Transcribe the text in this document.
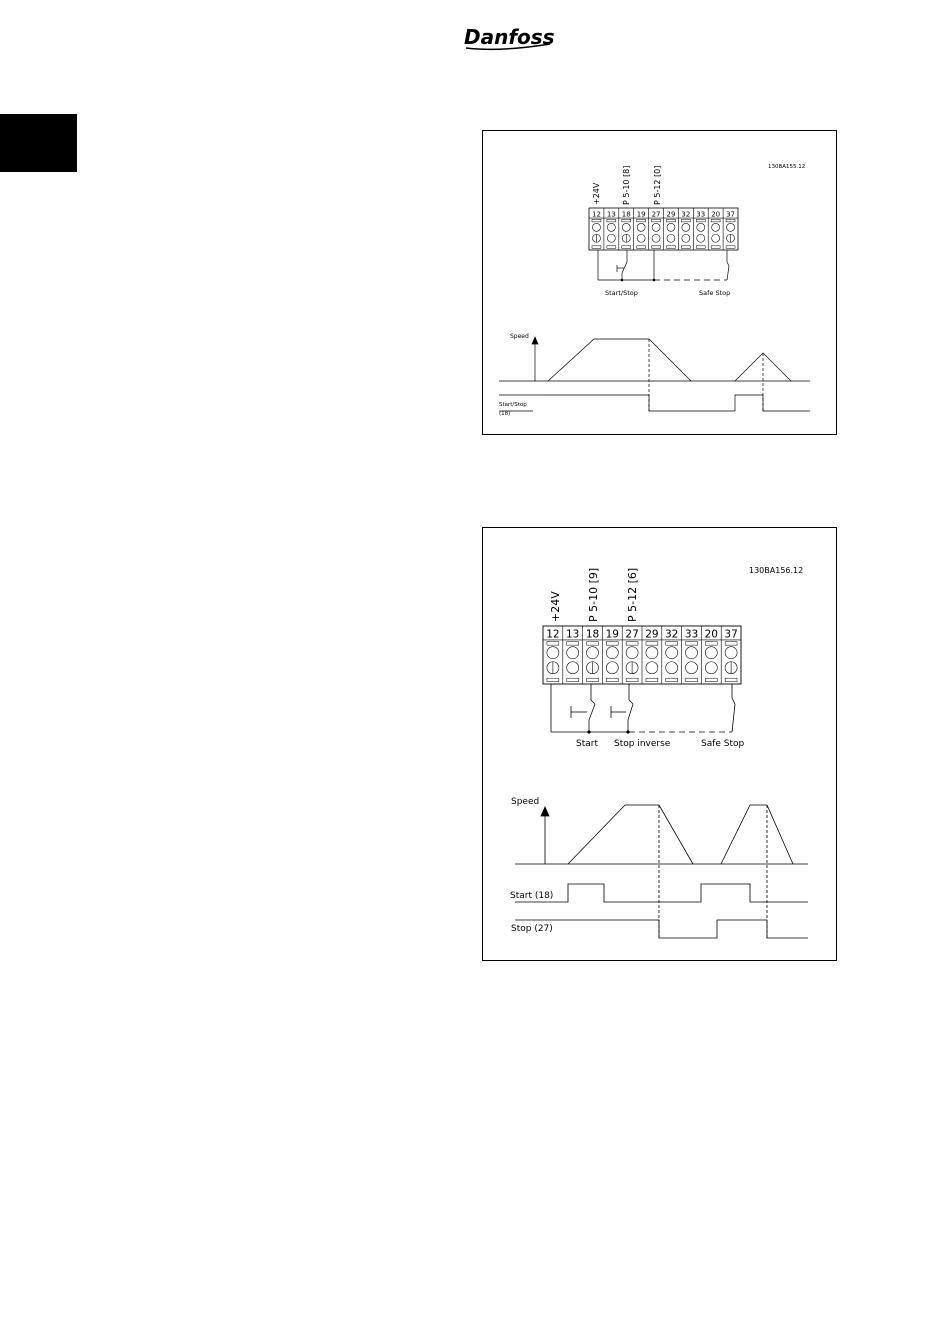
Danfoss
130BA155.12
+24V	P 5-10 [8]	P 5-12 [0]
12 13 18 19 27 29 32 33 20 37
Start/Stop	Safe Stop
Speed
Start/Stop
(18)
130BA156.12
+24V P 5-10 [9] P 5-12 [6]
12 13 18 19 27 29 32 33 20 37
Start Stop inverse	Safe Stop
Speed
Start (18)
Stop (27)
